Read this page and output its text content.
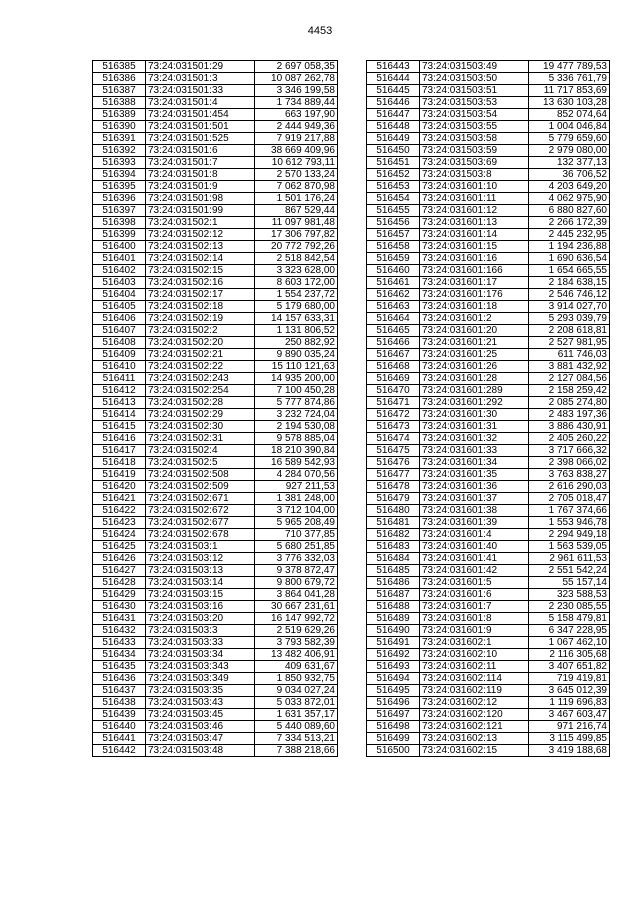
4453
516385	73:24:031501:29	2 697 058,35
516386	73:24:031501:3	10 087 262,78
516387	73:24:031501:33	3 346 199,58
516388	73:24:031501:4	1 734 889,44
516389	73:24:031501:454	663 197,90
516390	73:24:031501:501	2 444 949,36
516391	73:24:031501:525	7 919 217,88
516392	73:24:031501:6	38 669 409,96
516393	73:24:031501:7	10 612 793,11
516394	73:24:031501:8	2 570 133,24
516395	73:24:031501:9	7 062 870,98
516396	73:24:031501:98	1 501 176,24
516397	73:24:031501:99	867 529,44
516398	73:24:031502:1	11 097 981,48
516399	73:24:031502:12	17 306 797,82
516400	73:24:031502:13	20 772 792,26
516401	73:24:031502:14	2 518 842,54
516402	73:24:031502:15	3 323 628,00
516403	73:24:031502:16	8 603 172,00
516404	73:24:031502:17	1 554 237,72
516405	73:24:031502:18	5 179 680,00
516406	73:24:031502:19	14 157 633,31
516407	73:24:031502:2	1 131 806,52
516408	73:24:031502:20	250 882,92
516409	73:24:031502:21	9 890 035,24
516410	73:24:031502:22	15 110 121,63
516411	73:24:031502:243	14 935 200,00
516412	73:24:031502:254	7 100 450,28
516413	73:24:031502:28	5 777 874,86
516414	73:24:031502:29	3 232 724,04
516415	73:24:031502:30	2 194 530,08
516416	73:24:031502:31	9 578 885,04
516417	73:24:031502:4	18 210 390,84
516418	73:24:031502:5	16 589 542,93
516419	73:24:031502:508	4 284 070,56
516420	73:24:031502:509	927 211,53
516421	73:24:031502:671	1 381 248,00
516422	73:24:031502:672	3 712 104,00
516423	73:24:031502:677	5 965 208,49
516424	73:24:031502:678	710 377,85
516425	73:24:031503:1	5 680 251,85
516426	73:24:031503:12	3 776 332,03
516427	73:24:031503:13	9 378 872,47
516428	73:24:031503:14	9 800 679,72
516429	73:24:031503:15	3 864 041,28
516430	73:24:031503:16	30 667 231,61
516431	73:24:031503:20	16 147 992,72
516432	73:24:031503:3	2 519 629,26
516433	73:24:031503:33	3 793 582,39
516434	73:24:031503:34	13 482 406,91
516435	73:24:031503:343	409 631,67
516436	73:24:031503:349	1 850 932,75
516437	73:24:031503:35	9 034 027,24
516438	73:24:031503:43	5 033 872,01
516439	73:24:031503:45	1 631 357,17
516440	73:24:031503:46	5 440 089,60
516441	73:24:031503:47	7 334 513,21
516442	73:24:031503:48	7 388 218,66
516443	73:24:031503:49	19 477 789,53
516444	73:24:031503:50	5 336 761,79
516445	73:24:031503:51	11 717 853,69
516446	73:24:031503:53	13 630 103,28
516447	73:24:031503:54	852 074,64
516448	73:24:031503:55	1 004 046,84
516449	73:24:031503:58	5 779 659,60
516450	73:24:031503:59	2 979 080,00
516451	73:24:031503:69	132 377,13
516452	73:24:031503:8	36 706,52
516453	73:24:031601:10	4 203 649,20
516454	73:24:031601:11	4 062 975,90
516455	73:24:031601:12	6 880 827,60
516456	73:24:031601:13	2 266 172,39
516457	73:24:031601:14	2 445 232,95
516458	73:24:031601:15	1 194 236,88
516459	73:24:031601:16	1 690 636,54
516460	73:24:031601:166	1 654 665,55
516461	73:24:031601:17	2 184 638,15
516462	73:24:031601:176	2 546 746,12
516463	73:24:031601:18	3 914 027,70
516464	73:24:031601:2	5 293 039,79
516465	73:24:031601:20	2 208 618,81
516466	73:24:031601:21	2 527 981,95
516467	73:24:031601:25	611 746,03
516468	73:24:031601:26	3 881 432,92
516469	73:24:031601:28	2 127 084,56
516470	73:24:031601:289	2 158 259,42
516471	73:24:031601:292	2 085 274,80
516472	73:24:031601:30	2 483 197,36
516473	73:24:031601:31	3 886 430,91
516474	73:24:031601:32	2 405 260,22
516475	73:24:031601:33	3 717 666,32
516476	73:24:031601:34	2 398 066,02
516477	73:24:031601:35	3 763 838,27
516478	73:24:031601:36	2 616 290,03
516479	73:24:031601:37	2 705 018,47
516480	73:24:031601:38	1 767 374,66
516481	73:24:031601:39	1 553 946,78
516482	73:24:031601:4	2 294 949,18
516483	73:24:031601:40	1 563 539,05
516484	73:24:031601:41	2 961 611,53
516485	73:24:031601:42	2 551 542,24
516486	73:24:031601:5	55 157,14
516487	73:24:031601:6	323 588,53
516488	73:24:031601:7	2 230 085,55
516489	73:24:031601:8	5 158 479,81
516490	73:24:031601:9	6 347 228,95
516491	73:24:031602:1	1 067 462,10
516492	73:24:031602:10	2 116 305,68
516493	73:24:031602:11	3 407 651,82
516494	73:24:031602:114	719 419,81
516495	73:24:031602:119	3 645 012,39
516496	73:24:031602:12	1 119 696,83
516497	73:24:031602:120	3 467 603,47
516498	73:24:031602:121	971 216,74
516499	73:24:031602:13	3 115 499,85
516500	73:24:031602:15	3 419 188,68
